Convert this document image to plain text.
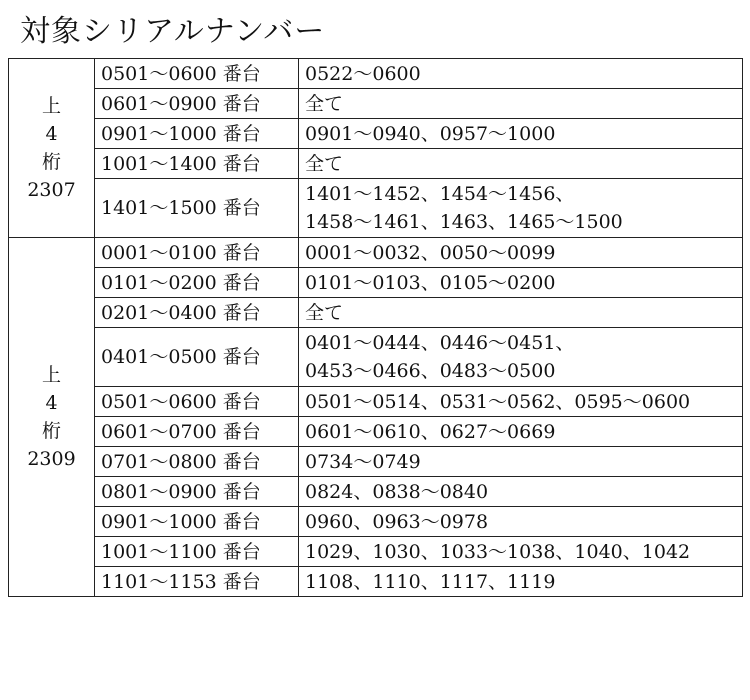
対象シリアルナンバー
上
4
桁
2307	0501〜0600 番台	0522〜0600

	0601〜0900 番台	全て

	0901〜1000 番台	0901〜0940、0957〜1000

	1001〜1400 番台	全て

	1401〜1500 番台	1401〜1452、1454〜1456、
1458〜1461、1463、1465〜1500

上
4
桁
2309	0001〜0100 番台	0001〜0032、0050〜0099

	0101〜0200 番台	0101〜0103、0105〜0200

	0201〜0400 番台	全て

	0401〜0500 番台	0401〜0444、0446〜0451、
0453〜0466、0483〜0500

	0501〜0600 番台	0501〜0514、0531〜0562、0595〜0600

	0601〜0700 番台	0601〜0610、0627〜0669

	0701〜0800 番台	0734〜0749

	0801〜0900 番台	0824、0838〜0840

	0901〜1000 番台	0960、0963〜0978

	1001〜1100 番台	1029、1030、1033〜1038、1040、1042

	1101〜1153 番台	1108、1110、1117、1119
